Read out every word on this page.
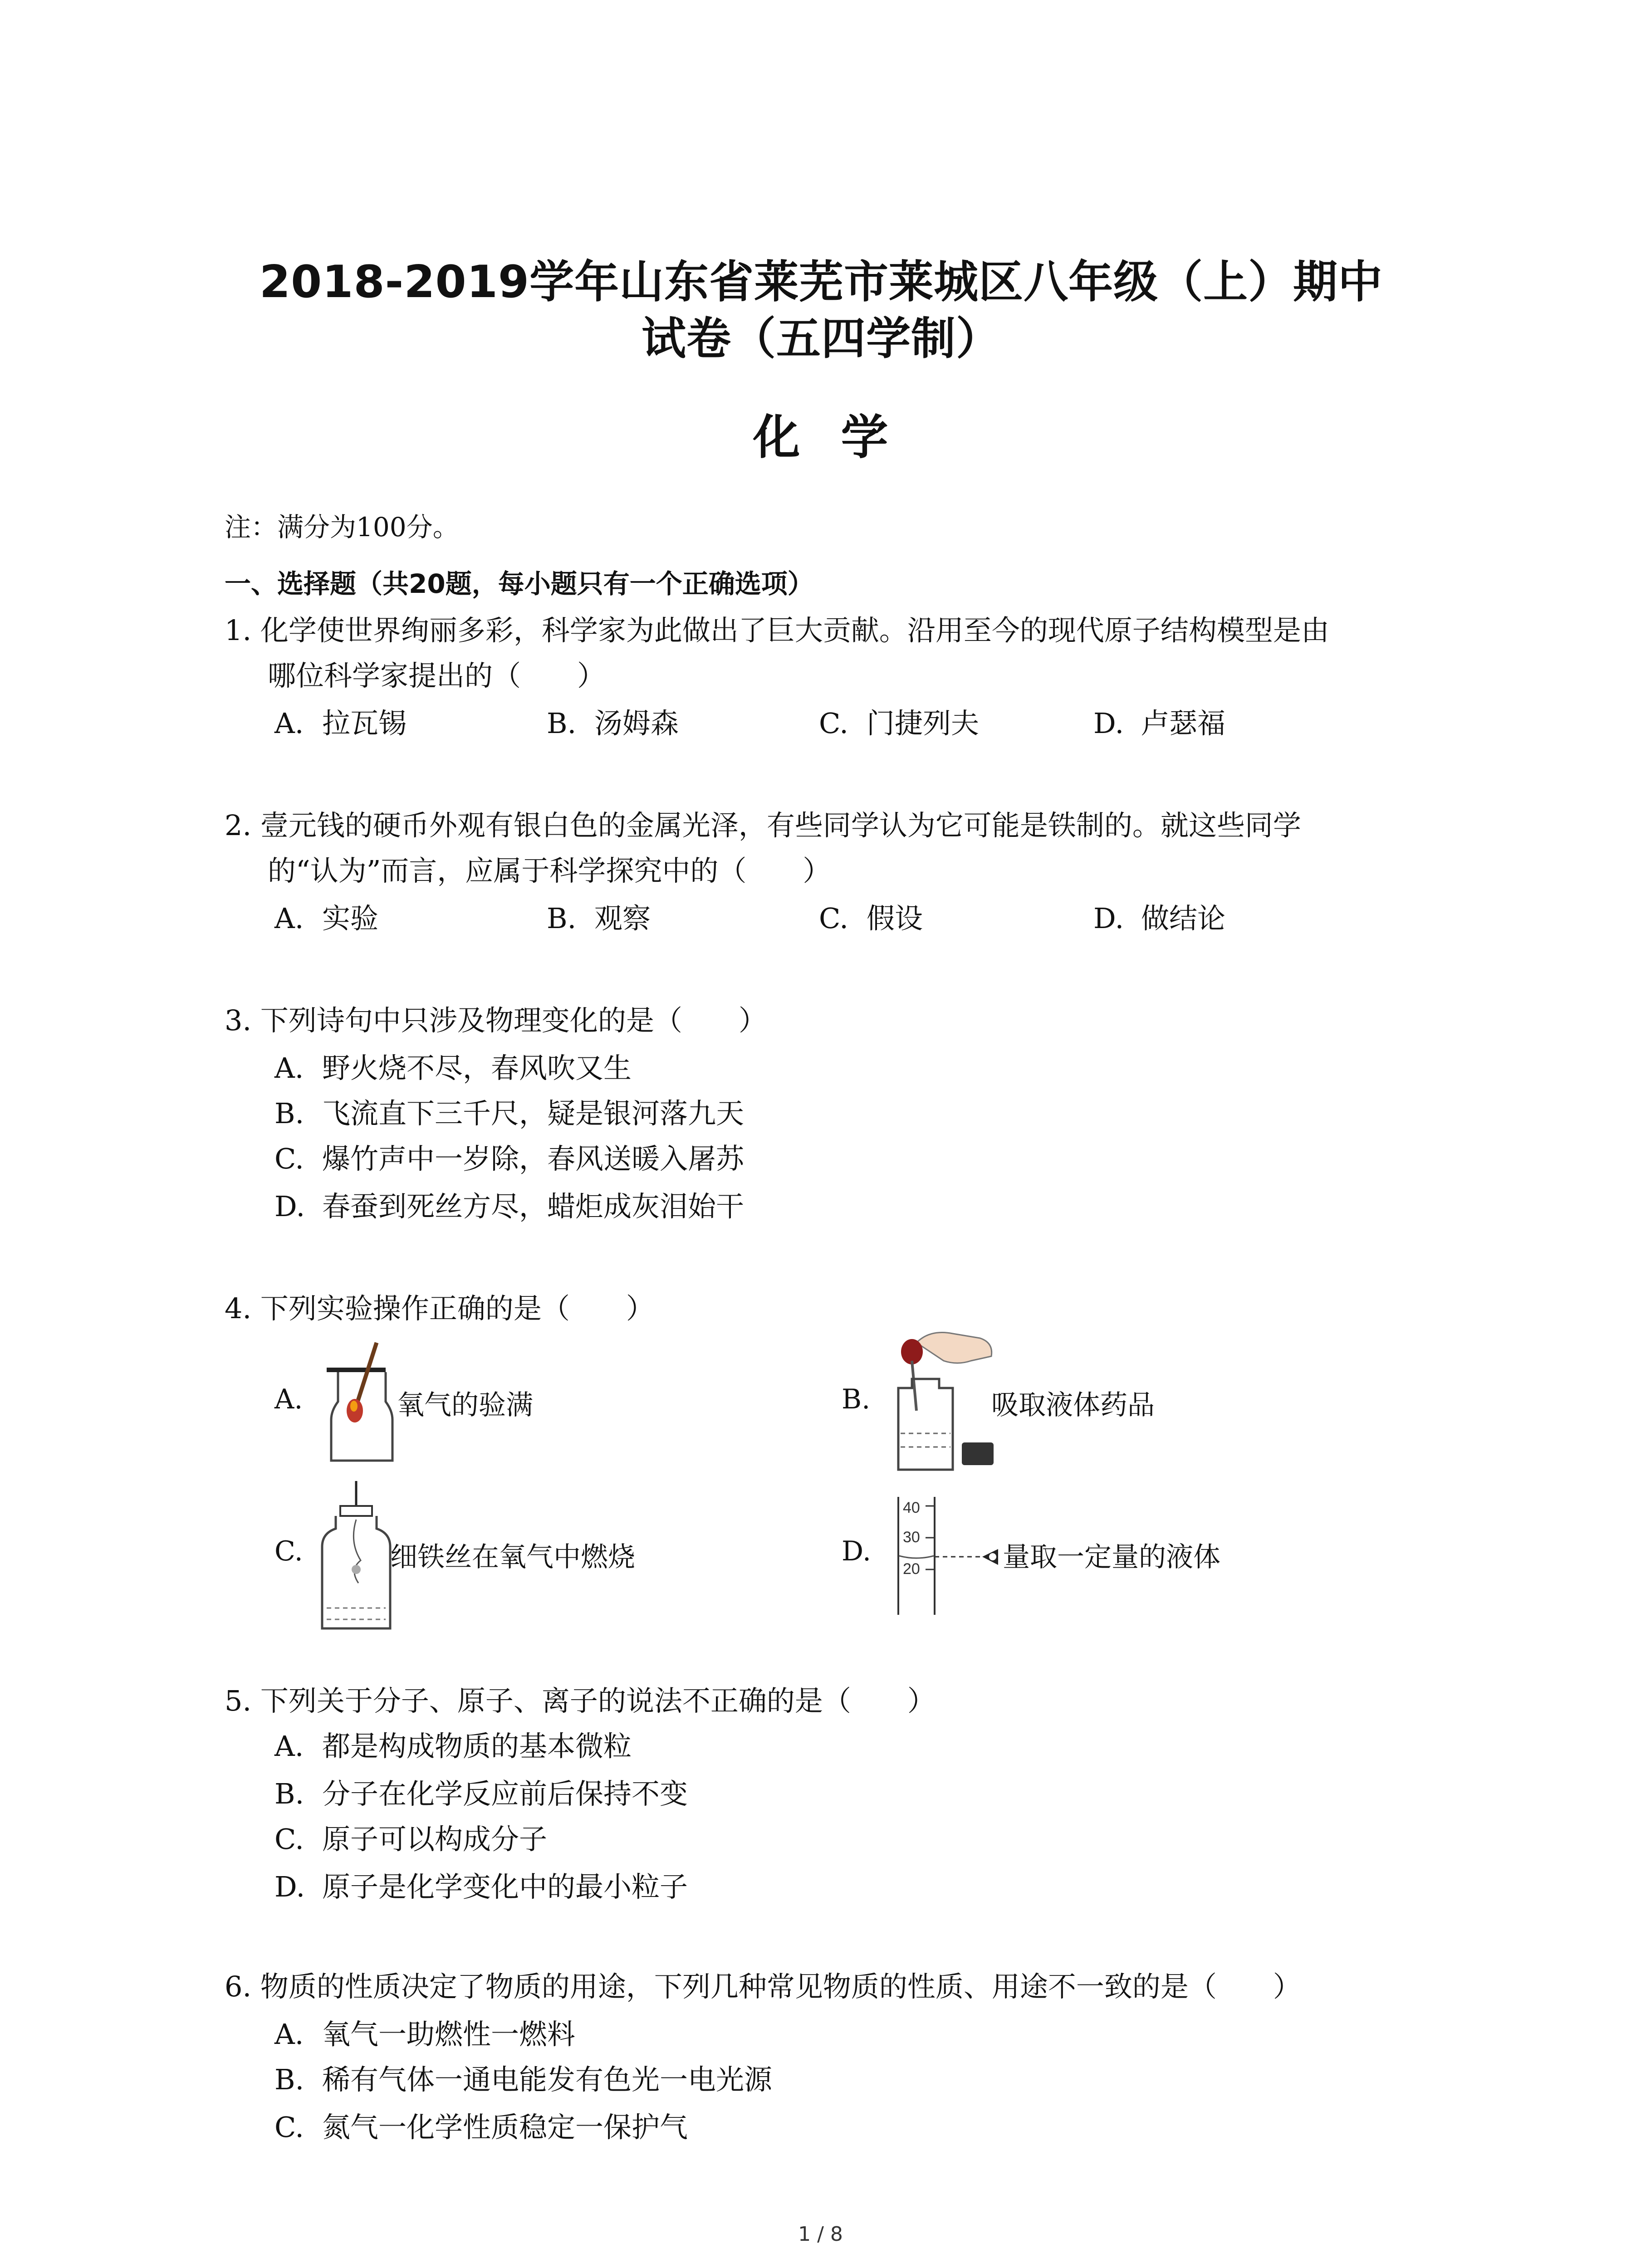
2018-2019学年山东省莱芜市莱城区八年级（上）期中
试卷（五四学制）
化学
注：满分为100分。
一、选择题（共20题，每小题只有一个正确选项）
1. 化学使世界绚丽多彩，科学家为此做出了巨大贡献。沿用至今的现代原子结构模型是由
哪位科学家提出的（　　）
A. 拉瓦锡	B. 汤姆森	C. 门捷列夫	D. 卢瑟福
2. 壹元钱的硬币外观有银白色的金属光泽，有些同学认为它可能是铁制的。就这些同学
的“认为”而言，应属于科学探究中的（　　）
A. 实验	B. 观察	C. 假设	D. 做结论
3. 下列诗句中只涉及物理变化的是（　　）
A. 野火烧不尽，春风吹又生
B. 飞流直下三千尺，疑是银河落九天
C. 爆竹声中一岁除，春风送暖入屠苏
D. 春蚕到死丝方尽，蜡炬成灰泪始干
4. 下列实验操作正确的是（　　）
A.	氧气的验满	B.	吸取液体药品
C.	细铁丝在氧气中燃烧	D.
40
30
20	量取一定量的液体
5. 下列关于分子、原子、离子的说法不正确的是（　　）
A. 都是构成物质的基本微粒
B. 分子在化学反应前后保持不变
C. 原子可以构成分子
D. 原子是化学变化中的最小粒子
6. 物质的性质决定了物质的用途，下列几种常见物质的性质、用途不一致的是（　　）
A. 氧气一助燃性一燃料
B. 稀有气体一通电能发有色光一电光源
C. 氮气一化学性质稳定一保护气
1 / 8
